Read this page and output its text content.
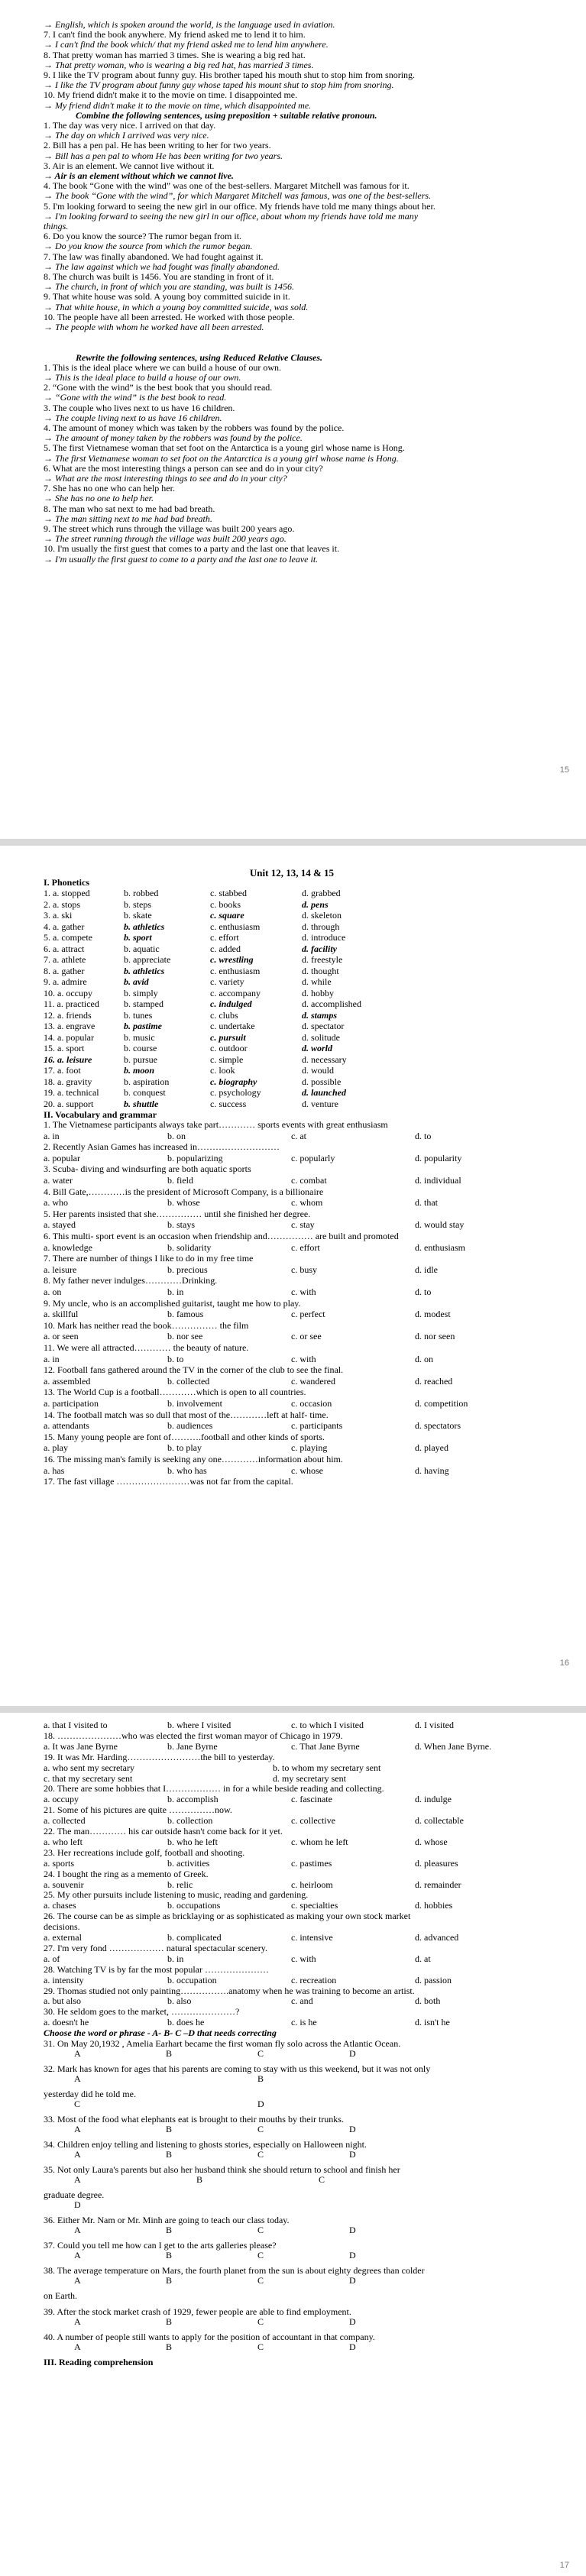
→ English, which is spoken around the world, is the language used in aviation.
7. I can't find the book anywhere. My friend asked me to lend it to him.
→ I can't find the book which/ that my friend asked me to lend him anywhere.
8. That pretty woman has married 3 times. She is wearing a big red hat.
→ That pretty woman, who is wearing a big red hat, has married 3 times.
9. I like the TV program about funny guy. His brother taped his mouth shut to stop him from snoring.
→ I like the TV program about funny guy whose taped his mount shut to stop him from snoring.
10. My friend didn't make it to the movie on time. I disappointed me.
→ My friend didn't make it to the movie on time, which disappointed me.
Combine the following sentences, using preposition + suitable relative pronoun.
1. The day was very nice. I arrived on that day.
→ The day on which I arrived was very nice.
2. Bill has a pen pal. He has been writing to her for two years.
→ Bill has a pen pal to whom He has been writing for two years.
3. Air is an element. We cannot live without it.
→ Air is an element without which we cannot live.
4. The book “Gone with the wind” was one of the best-sellers. Margaret Mitchell was famous for it.
→ The book “Gone with the wind”, for which Margaret Mitchell was famous, was one of the best-sellers.
5. I'm looking forward to seeing the new girl in our office. My friends have told me many things about her.
→ I'm looking forward to seeing the new girl in our office, about whom my friends have told me many
things.
6. Do you know the source? The rumor began from it.
→ Do you know the source from which the rumor began.
7. The law was finally abandoned. We had fought against it.
→ The law against which we had fought was finally abandoned.
8. The church was built is 1456. You are standing in front of it.
→ The church, in front of which you are standing, was built is 1456.
9. That white house was sold. A young boy committed suicide in it.
→ That white house, in which a young boy committed suicide, was sold.
10. The people have all been arrested. He worked with those people.
→ The people with whom he worked have all been arrested.
Rewrite the following sentences, using Reduced Relative Clauses.
1. This is the ideal place where we can build a house of our own.
→ This is the ideal place to build a house of our own.
2. “Gone with the wind” is the best book that you should read.
→ “Gone with the wind” is the best book to read.
3. The couple who lives next to us have 16 children.
→ The couple living next to us have 16 children.
4. The amount of money which was taken by the robbers was found by the police.
→ The amount of money taken by the robbers was found by the police.
5. The first Vietnamese woman that set foot on the Antarctica is a young girl whose name is Hong.
→ The first Vietnamese woman to set foot on the Antarctica is a young girl whose name is Hong.
6. What are the most interesting things a person can see and do in your city?
→ What are the most interesting things to see and do in your city?
7. She has no one who can help her.
→ She has no one to help her.
8. The man who sat next to me had bad breath.
→ The man sitting next to me had bad breath.
9. The street which runs through the village was built 200 years ago.
→ The street running through the village was built 200 years ago.
10. I'm usually the first guest that comes to a party and the last one that leaves it.
→ I'm usually the first guest to come to a party and the last one to leave it.
15
Unit 12, 13, 14 & 15
I. Phonetics
1. a. stopped	b. robbed	c. stabbed	d. grabbed
2. a. stops	b. steps	c. books	d. pens
3. a. ski	b. skate	c. square	d. skeleton
4. a. gather	b. athletics	c. enthusiasm	d. through
5. a. compete	b. sport	c. effort	d. introduce
6. a. attract	b. aquatic	c. added	d. facility
7. a. athlete	b. appreciate	c. wrestling	d. freestyle
8. a. gather	b. athletics	c. enthusiasm	d. thought
9. a. admire	b. avid	c. variety	d. while
10. a. occupy	b. simply	c. accompany	d. hobby
11. a. practiced	b. stamped	c. indulged	d. accomplished
12. a. friends	b. tunes	c. clubs	d. stamps
13. a. engrave	b. pastime	c. undertake	d. spectator
14. a. popular	b. music	c. pursuit	d. solitude
15. a. sport	b. course	c. outdoor	d. world
16. a. leisure	b. pursue	c. simple	d. necessary
17. a. foot	b. moon	c. look	d. would
18. a. gravity	b. aspiration	c. biography	d. possible
19. a. technical	b. conquest	c. psychology	d. launched
20. a. support	b. shuttle	c. success	d. venture
II. Vocabulary and grammar
1. The Vietnamese participants always take part………… sports events with great enthusiasm
a. in	b. on	c. at	d. to
2. Recently Asian Games has increased in………………………
a. popular	b. popularizing	c. popularly	d. popularity
3. Scuba- diving and windsurfing are both aquatic sports
a. water	b. field	c. combat	d. individual
4. Bill Gate,…………is the president of Microsoft Company, is a billionaire
a. who	b. whose	c. whom	d. that
5. Her parents insisted that she…………… until she finished her degree.
a. stayed	b. stays	c. stay	d. would stay
6. This multi- sport event is an occasion when friendship and…………… are built and promoted
a. knowledge	b. solidarity	c. effort	d. enthusiasm
7. There are number of things I like to do in my free time
a. leisure	b. precious	c. busy	d. idle
8. My father never indulges…………Drinking.
a. on	b. in	c. with	d. to
9. My uncle, who is an accomplished guitarist, taught me how to play.
a. skillful	b. famous	c. perfect	d. modest
10. Mark has neither read the book…………… the film
a. or seen	b. nor see	c. or see	d. nor seen
11. We were all attracted………… the beauty of nature.
a. in	b. to	c. with	d. on
12. Football fans gathered around the TV in the corner of the club to see the final.
a. assembled	b. collected	c. wandered	d. reached
13. The World Cup is a football…………which is open to all countries.
a. participation	b. involvement	c. occasion	d. competition
14. The football match was so dull that most of the…………left at half- time.
a. attendants	b. audiences	c. participants	d. spectators
15. Many young people are font of……….football and other kinds of sports.
a. play	b. to play	c. playing	d. played
16. The missing man's family is seeking any one…………information about him.
a. has	b. who has	c. whose	d. having
17. The fast village ……………………was not far from the capital.
16
a. that I visited to	b. where I visited	c. to which I visited	d. I visited
18. …………………who was elected the first woman mayor of Chicago in 1979.
a. It was Jane Byrne	b. Jane Byrne	c. That Jane Byrne	d. When Jane Byrne.
19. It was Mr. Harding……………………the bill to yesterday.
a. who sent my secretary	b. to whom my secretary sent
c. that my secretary sent	d. my secretary sent
20. There are some hobbies that I……………… in for a while beside reading and collecting.
a. occupy	b. accomplish	c. fascinate	d. indulge
21. Some of his pictures are quite ……………now.
a. collected	b. collection	c. collective	d. collectable
22. The man………… his car outside hasn't come back for it yet.
a. who left	b. who he left	c. whom he left	d. whose
23. Her recreations include golf, football and shooting.
a. sports	b. activities	c. pastimes	d. pleasures
24. I bought the ring as a memento of Greek.
a. souvenir	b. relic	c. heirloom	d. remainder
25. My other pursuits include listening to music, reading and gardening.
a. chases	b. occupations	c. specialties	d. hobbies
26. The course can be as simple as bricklaying or as sophisticated as making your own stock market
decisions.
a. external	b. complicated	c. intensive	d. advanced
27. I'm very fond ……………… natural spectacular scenery.
a. of	b. in	c. with	d. at
28. Watching TV is by far the most popular …………………
a. intensity	b. occupation	c. recreation	d. passion
29. Thomas studied not only painting…………….anatomy when he was training to become an artist.
a. but also	b. also	c. and	d. both
30. He seldom goes to the market, …………………?
a. doesn't he	b. does he	c. is he	d. isn't he
Choose the word or phrase - A- B- C –D that needs correcting
31. On May 20,1932 , Amelia Earhart became the first woman fly solo across the Atlantic Ocean.
A	B	C	D
32. Mark has known for ages that his parents are coming to stay with us this weekend, but it was not only
A	B
yesterday did he told me.
C	D
33. Most of the food what elephants eat is brought to their mouths by their trunks.
A	B	C	D
34. Children enjoy telling and listening to ghosts stories, especially on Halloween night.
A	B	C	D
35. Not only Laura's parents but also her husband think she should return to school and finish her
A	B	C
graduate degree.
D
36. Either Mr. Nam or Mr. Minh are going to teach our class today.
A	B	C	D
37. Could you tell me how can I get to the arts galleries please?
A	B	C	D
38. The average temperature on Mars, the fourth planet from the sun is about eighty degrees than colder
A	B	C	D
on Earth.
39. After the stock market crash of 1929, fewer people are able to find employment.
A	B	C	D
40. A number of people still wants to apply for the position of accountant in that company.
A	B	C	D
III. Reading comprehension
17
